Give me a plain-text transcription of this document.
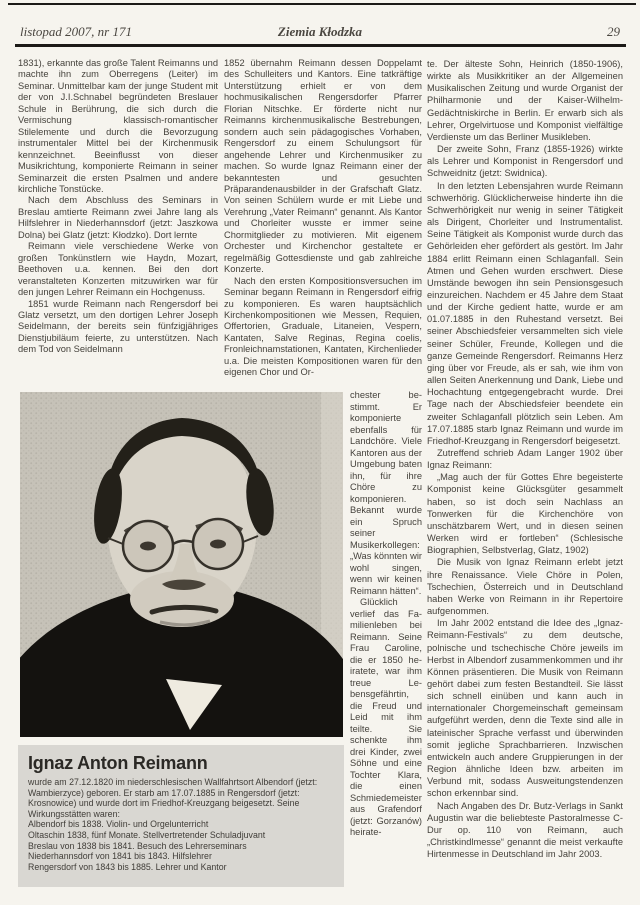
listopad 2007, nr 171	Ziemia Kłodzka	29

1831), erkannte das große Talent Reimanns und machte ihn zum Oberregens (Leiter) im Seminar. Unmittelbar kam der junge Student mit der von J.I.Schnabel begründeten Breslauer Schule in Berührung, die sich durch die Vermischung klassisch-romantischer Stilelemente und durch die Bevorzugung instrumentaler Mittel bei der Kirchenmusik kennzeichnet. Beeinflusst von dieser Musikrichtung, komponierte Reimann in seiner Seminarzeit die ersten Psalmen und andere kirchliche Tonstücke.

Nach dem Abschluss des Seminars in Breslau amtierte Reimann zwei Jahre lang als Hilfslehrer in Niederhannsdorf (jetzt: Jaszkowa Dolna) bei Glatz (jetzt: Kłodzko). Dort lernte

Reimann viele verschiedene Werke von großen Tonkünstlern wie Haydn, Mozart, Beethoven u.a. kennen. Bei den dort veranstalteten Konzerten mitzuwirken war für den jungen Lehrer Reimann ein Hochgenuss.

1851 wurde Reimann nach Rengersdorf bei Glatz versetzt, um den dortigen Lehrer Joseph Seidelmann, der bereits sein fünfzigjähriges Dienstjubiläum feierte, zu unterstützen. Nach dem Tod von Seidelmann

1852 übernahm Reimann dessen Doppelamt des Schulleiters und Kantors. Eine tatkräftige Unterstützung erhielt er von dem hochmusikalischen Rengersdorfer Pfarrer Florian Nitschke. Er förderte nicht nur Reimanns kirchenmusikalische Bestrebungen, sondern auch sein pädagogisches Vorhaben, Rengersdorf zu einem Schulungsort für angehende Lehrer und Kirchenmusiker zu machen. So wurde Ignaz Reimann einer der bekanntesten und gesuchten Präparandenausbilder in der Grafschaft Glatz. Von seinen Schülern wurde er mit Liebe und Verehrung „Vater Reimann“ genannt. Als Kantor und Chorleiter wusste er immer seine Chormitglieder zu motivieren. Mit eigenem Orchester und Kirchenchor gestaltete er regelmäßig Gottesdienste und gab zahlreiche Konzerte.

Nach den ersten Kompositionsversuchen im Seminar begann Reimann in Rengersdorf eifrig zu komponieren. Es waren hauptsächlich Kirchenkompositionen wie Messen, Requien, Offertorien, Graduale, Litaneien, Vespern, Kantaten, Salve Reginas, Regina coelis, Fronleichnamstationen, Kantaten, Kirchenlieder u.a. Die meisten Kompositionen waren für den eigenen Chor und Or-

chester bestimmt. Er komponierte ebenfalls für Landchöre. Viele Kantoren aus der Umgebung baten ihn, für ihre Chöre zu komponieren. Bekannt wurde ein Spruch seiner Musikerkollegen: „Was könnten wir wohl singen, wenn wir keinen Reimann hätten“.

Glücklich verlief das Familienleben bei Reimann. Seine Frau Caroline, die er 1850 heiratete, war ihm treue Lebensgefährtin, die Freud und Leid mit ihm teilte. Sie schenkte ihm drei Kinder, zwei Söhne und eine Tochter Klara, die einen Schmiedemeister aus Grafendorf (jetzt: Gorzanów) heirate-

te. Der älteste Sohn, Heinrich (1850-1906), wirkte als Musikkritiker an der Allgemeinen Musikalischen Zeitung und wurde Organist der Philharmonie und der Kaiser-Wilhelm-Gedächtniskirche in Berlin. Er erwarb sich als Lehrer, Orgelvirtuose und Komponist vielfältige Verdienste um das Berliner Musikleben.

Der zweite Sohn, Franz (1855-1926) wirkte als Lehrer und Komponist in Rengersdorf und Schweidnitz (jetzt: Swidnica).

In den letzten Lebensjahren wurde Reimann schwerhörig. Glücklicherweise hinderte ihn die Schwerhörigkeit nur wenig in seiner Tätigkeit als Dirigent, Chorleiter und Instrumentalist. Seine Tätigkeit als Komponist wurde durch das Gehörleiden eher gefördert als gestört. Im Jahr 1884 erlitt Reimann einen Schlaganfall. Sein Atmen und Gehen wurden erschwert. Diese Umstände bewogen ihn sein Pensionsgesuch einzureichen. Nachdem er 45 Jahre dem Staat und der Kirche gedient hatte, wurde er am 01.07.1885 in den Ruhestand versetzt. Bei seiner Abschiedsfeier versammelten sich viele seiner Schüler, Freunde, Kollegen und die ganze Gemeinde Rengersdorf. Reimanns Herz ging über vor Freude, als er sah, wie ihm von allen Seiten Anerkennung und Dank, Liebe und Hochachtung entgegengebracht wurde. Drei Tage nach der Abschiedsfeier beendete ein zweiter Schlaganfall plötzlich sein Leben. Am 17.07.1885 starb Ignaz Reimann und wurde im Friedhof-Kreuzgang in Rengersdorf beigesetzt.

Zutreffend schrieb Adam Langer 1902 über Ignaz Reimann:

„Mag auch der für Gottes Ehre begeisterte Komponist keine Glücksgüter gesammelt haben, so ist doch sein Nachlass an Tonwerken für die Kirchenchöre von unschätzbarem Wert, und in diesen seinen Werken wird er fortleben“ (Schlesische Biographien, Selbstverlag, Glatz, 1902)

Die Musik von Ignaz Reimann erlebt jetzt ihre Renaissance. Viele Chöre in Polen, Tschechien, Österreich und in Deutschland haben Werke von Reimann in ihr Repertoire aufgenommen.

Im Jahr 2002 entstand die Idee des „Ignaz-Reimann-Festivals“ zu dem deutsche, polnische und tschechische Chöre jeweils im Herbst in Albendorf zusammenkommen und ihr Können präsentieren. Die Musik von Reimann gehört dabei zum festen Bestandteil. Sie lässt sich schnell einüben und kann auch in internationaler Chorgemeinschaft gemeinsam aufgeführt werden, denn die Texte sind alle in lateinischer Sprache verfasst und überwinden somit jegliche Sprachbarrieren. Inzwischen entwickeln auch andere Gruppierungen in der Region ähnliche Ideen bzw. arbeiten im Verbund mit, sodass Ausweitungstendenzen schon erkennbar sind.

Nach Angaben des Dr. Butz-Verlags in Sankt Augustin war die beliebteste Pastoralmesse C-Dur op. 110 von Reimann, auch „Christkindlmesse“ genannt die meist verkaufte Hirtenmesse in Deutschland im Jahr 2003.

Ignaz Anton Reimann
wurde am 27.12.1820 im niederschlesischen Wallfahrtsort Albendorf (jetzt: Wambierzyce) geboren. Er starb am 17.07.1885 in Rengersdorf (jetzt: Krosnowice) und wurde dort im Friedhof-Kreuzgang beigesetzt. Seine Wirkungsstätten waren:
Albendorf bis 1838. Violin- und Orgelunterricht
Oltaschin 1838, fünf Monate. Stellvertretender Schuladjuvant
Breslau von 1838 bis 1841. Besuch des Lehrerseminars
Niederhannsdorf von 1841 bis 1843. Hilfslehrer
Rengersdorf von 1843 bis 1885. Lehrer und Kantor
